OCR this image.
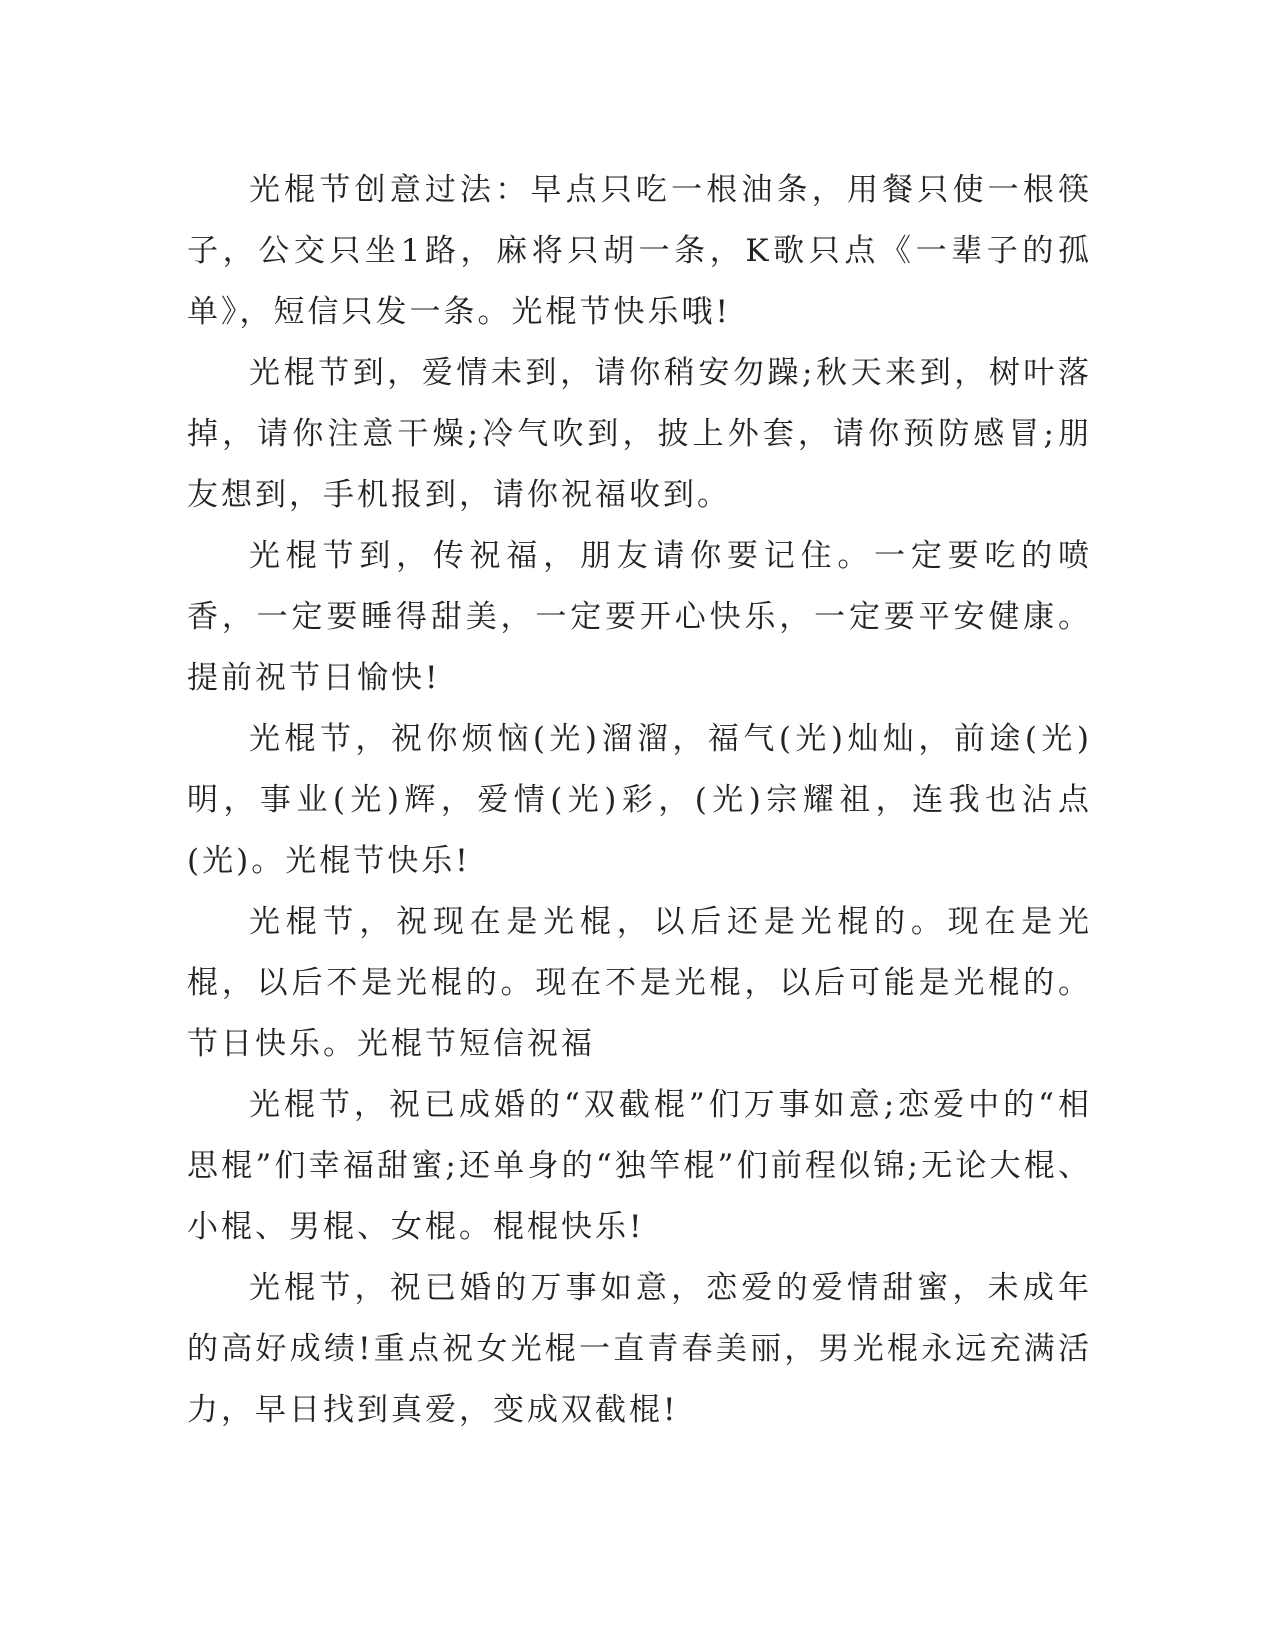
光棍节创意过法：早点只吃一根油条，用餐只使一根筷子，公交只坐1路，麻将只胡一条，K歌只点《一辈子的孤单》，短信只发一条。光棍节快乐哦!

光棍节到，爱情未到，请你稍安勿躁;秋天来到，树叶落掉，请你注意干燥;冷气吹到，披上外套，请你预防感冒;朋友想到，手机报到，请你祝福收到。

光棍节到，传祝福，朋友请你要记住。一定要吃的喷香，一定要睡得甜美，一定要开心快乐，一定要平安健康。提前祝节日愉快!

光棍节，祝你烦恼(光)溜溜，福气(光)灿灿，前途(光)明，事业(光)辉，爱情(光)彩，(光)宗耀祖，连我也沾点(光)。光棍节快乐!

光棍节，祝现在是光棍，以后还是光棍的。现在是光棍，以后不是光棍的。现在不是光棍，以后可能是光棍的。节日快乐。光棍节短信祝福

光棍节，祝已成婚的“双截棍”们万事如意;恋爱中的“相思棍”们幸福甜蜜;还单身的“独竿棍”们前程似锦;无论大棍、小棍、男棍、女棍。棍棍快乐!

光棍节，祝已婚的万事如意，恋爱的爱情甜蜜，未成年的高好成绩!重点祝女光棍一直青春美丽，男光棍永远充满活力，早日找到真爱，变成双截棍!
